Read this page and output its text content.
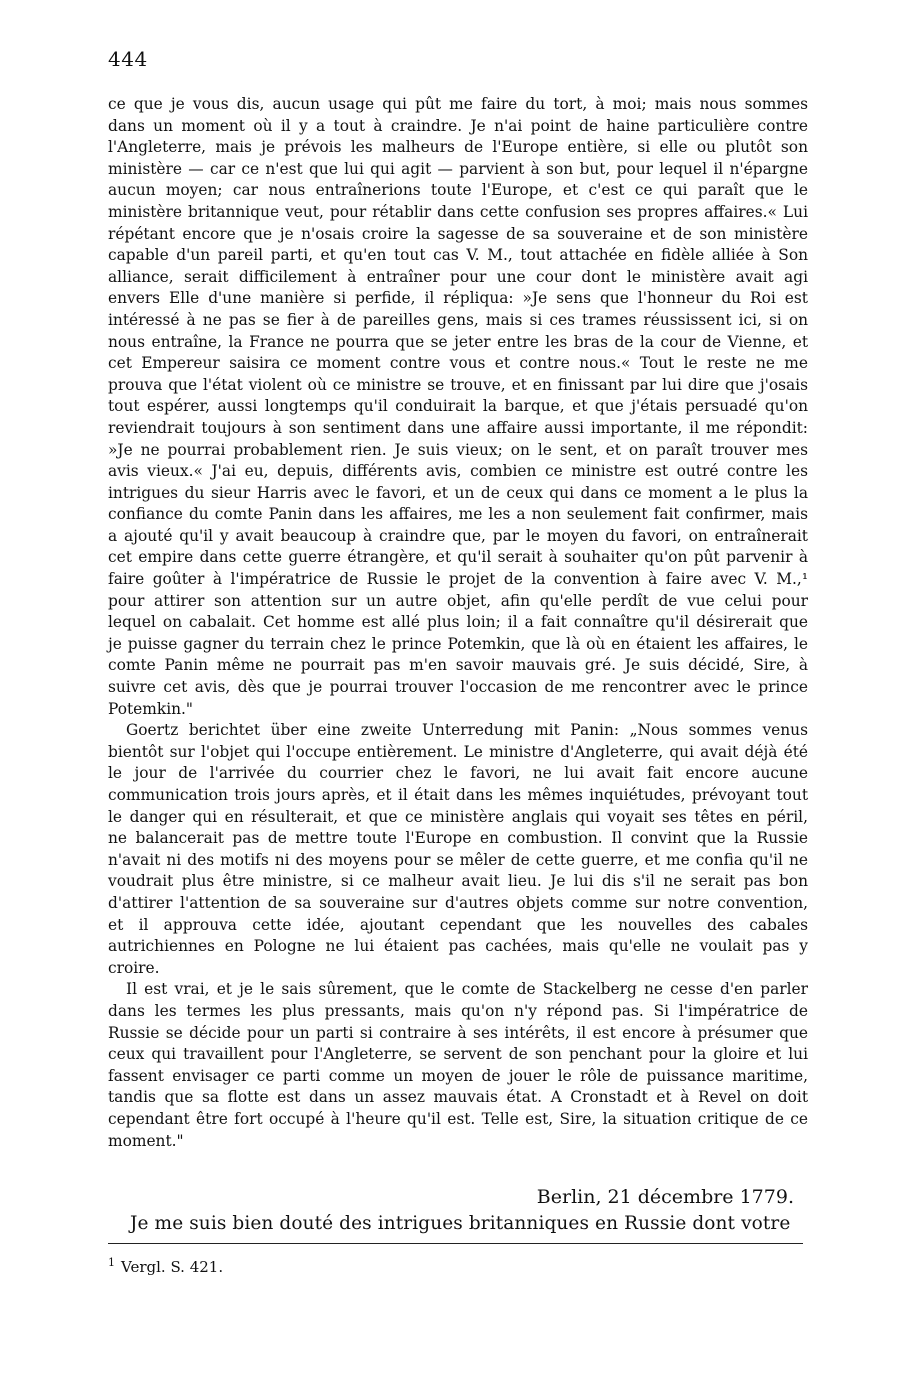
444

ce que je vous dis, aucun usage qui pût me faire du tort, à moi; mais nous sommes dans un moment où il y a tout à craindre. Je n'ai point de haine particulière contre l'Angleterre, mais je prévois les malheurs de l'Europe entière, si elle ou plutôt son ministère — car ce n'est que lui qui agit — parvient à son but, pour lequel il n'épargne aucun moyen; car nous entraînerions toute l'Europe, et c'est ce qui paraît que le ministère britannique veut, pour rétablir dans cette confusion ses propres affaires.« Lui répétant encore que je n'osais croire la sagesse de sa souveraine et de son ministère capable d'un pareil parti, et qu'en tout cas V. M., tout attachée en fidèle alliée à Son alliance, serait difficilement à entraîner pour une cour dont le ministère avait agi envers Elle d'une manière si perfide, il répliqua: »Je sens que l'honneur du Roi est intéressé à ne pas se fier à de pareilles gens, mais si ces trames réussissent ici, si on nous entraîne, la France ne pourra que se jeter entre les bras de la cour de Vienne, et cet Empereur saisira ce moment contre vous et contre nous.« Tout le reste ne me prouva que l'état violent où ce ministre se trouve, et en finissant par lui dire que j'osais tout espérer, aussi longtemps qu'il conduirait la barque, et que j'étais persuadé qu'on reviendrait toujours à son sentiment dans une affaire aussi importante, il me répondit: »Je ne pourrai probablement rien. Je suis vieux; on le sent, et on paraît trouver mes avis vieux.« J'ai eu, depuis, différents avis, combien ce ministre est outré contre les intrigues du sieur Harris avec le favori, et un de ceux qui dans ce moment a le plus la confiance du comte Panin dans les affaires, me les a non seulement fait confirmer, mais a ajouté qu'il y avait beaucoup à craindre que, par le moyen du favori, on entraînerait cet empire dans cette guerre étrangère, et qu'il serait à souhaiter qu'on pût parvenir à faire goûter à l'impératrice de Russie le projet de la convention à faire avec V. M.,¹ pour attirer son attention sur un autre objet, afin qu'elle perdît de vue celui pour lequel on cabalait. Cet homme est allé plus loin; il a fait connaître qu'il désirerait que je puisse gagner du terrain chez le prince Potemkin, que là où en étaient les affaires, le comte Panin même ne pourrait pas m'en savoir mauvais gré. Je suis décidé, Sire, à suivre cet avis, dès que je pourrai trouver l'occasion de me rencontrer avec le prince Potemkin."

Goertz berichtet über eine zweite Unterredung mit Panin: „Nous sommes venus bientôt sur l'objet qui l'occupe entièrement. Le ministre d'Angleterre, qui avait déjà été le jour de l'arrivée du courrier chez le favori, ne lui avait fait encore aucune communication trois jours après, et il était dans les mêmes inquiétudes, prévoyant tout le danger qui en résulterait, et que ce ministère anglais qui voyait ses têtes en péril, ne balancerait pas de mettre toute l'Europe en combustion. Il convint que la Russie n'avait ni des motifs ni des moyens pour se mêler de cette guerre, et me confia qu'il ne voudrait plus être ministre, si ce malheur avait lieu. Je lui dis s'il ne serait pas bon d'attirer l'attention de sa souveraine sur d'autres objets comme sur notre convention, et il approuva cette idée, ajoutant cependant que les nouvelles des cabales autrichiennes en Pologne ne lui étaient pas cachées, mais qu'elle ne voulait pas y croire.

Il est vrai, et je le sais sûrement, que le comte de Stackelberg ne cesse d'en parler dans les termes les plus pressants, mais qu'on n'y répond pas. Si l'impératrice de Russie se décide pour un parti si contraire à ses intérêts, il est encore à présumer que ceux qui travaillent pour l'Angleterre, se servent de son penchant pour la gloire et lui fassent envisager ce parti comme un moyen de jouer le rôle de puissance maritime, tandis que sa flotte est dans un assez mauvais état. A Cronstadt et à Revel on doit cependant être fort occupé à l'heure qu'il est. Telle est, Sire, la situation critique de ce moment."

Berlin, 21 décembre 1779.
Je me suis bien douté des intrigues britanniques en Russie dont votre
$^1$ Vergl. S. 421.
